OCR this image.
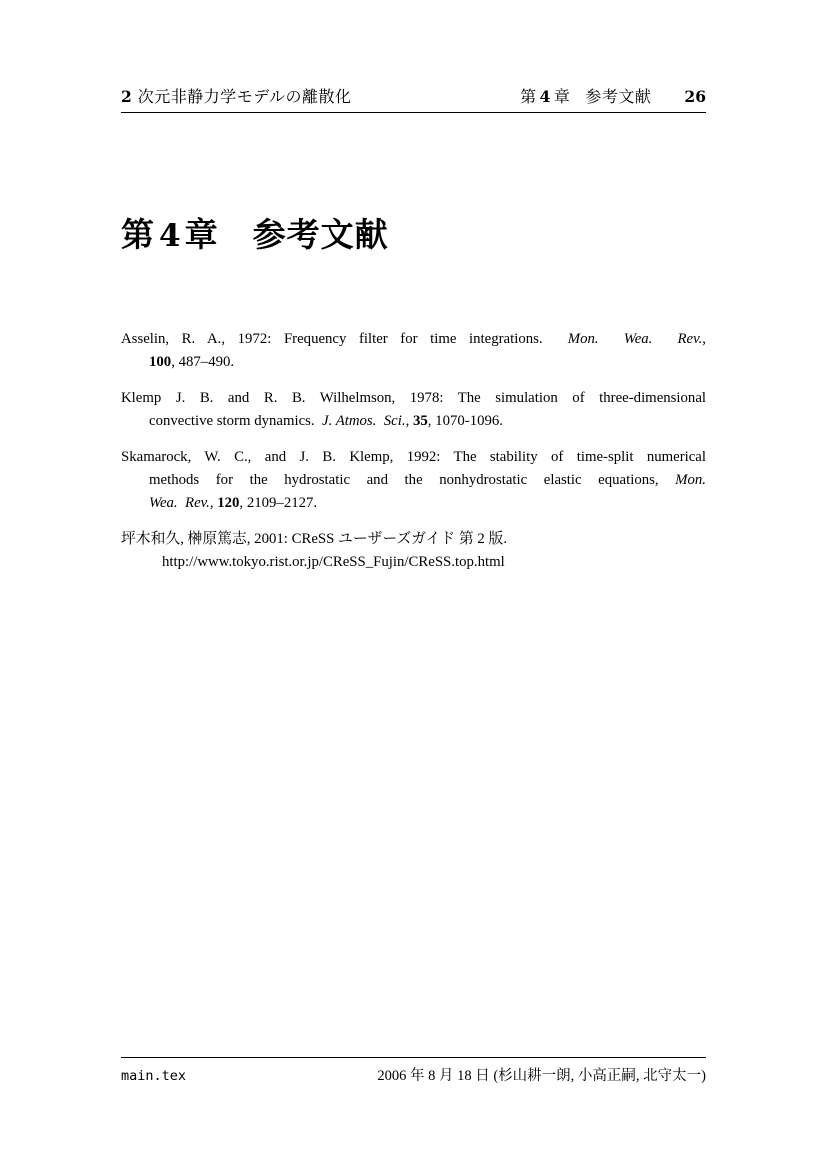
2 次元非静力学モデルの離散化	第 4 章 参考文献 26
第 4 章 参考文献
Asselin, R. A., 1972: Frequency filter for time integrations.  Mon.  Wea.  Rev.,
100, 487–490.
Klemp J. B. and R. B. Wilhelmson, 1978: The simulation of three-dimensional
convective storm dynamics.  J. Atmos.  Sci., 35, 1070-1096.
Skamarock, W. C., and J. B. Klemp, 1992: The stability of time-split numerical
methods for the hydrostatic and the nonhydrostatic elastic equations, Mon.
Wea.  Rev., 120, 2109–2127.
坪木和久, 榊原篤志, 2001: CReSS ユーザーズガイド 第 2 版.
http://www.tokyo.rist.or.jp/CReSS_Fujin/CReSS.top.html
main.tex	2006 年 8 月 18 日 (杉山耕一朗, 小高正嗣, 北守太一)
